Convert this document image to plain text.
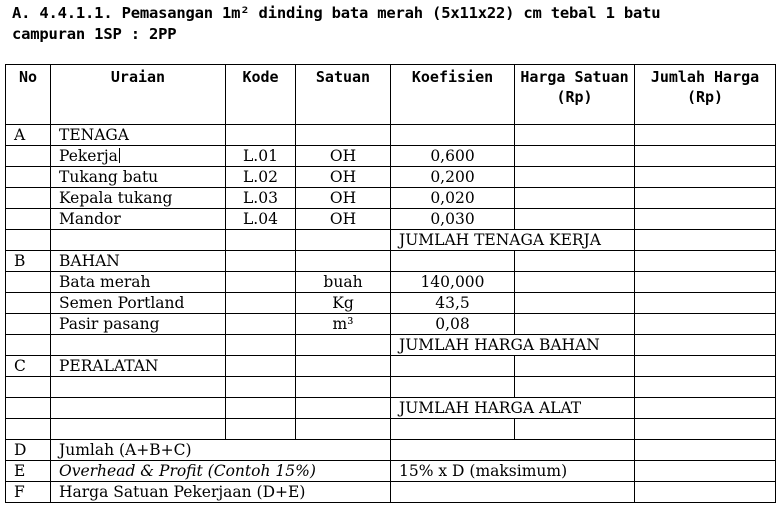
A. 4.4.1.1. Pemasangan 1m² dinding bata merah (5x11x22) cm tebal 1 batu
campuran 1SP : 2PP
No	Uraian	Kode	Satuan	Koefisien	Harga Satuan (Rp)	Jumlah Harga (Rp)
A	TENAGA					
	Pekerja	L.01	OH	0,600		
	Tukang batu	L.02	OH	0,200		
	Kepala tukang	L.03	OH	0,020		
	Mandor	L.04	OH	0,030		
				JUMLAH TENAGA KERJA		
B	BAHAN					
	Bata merah		buah	140,000		
	Semen Portland		Kg	43,5		
	Pasir pasang		m³	0,08		
				JUMLAH HARGA BAHAN		
C	PERALATAN					

				JUMLAH HARGA ALAT		

D	Jumlah (A+B+C)					
E	Overhead & Profit (Contoh 15%)			15% x D (maksimum)		
F	Harga Satuan Pekerjaan (D+E)					
